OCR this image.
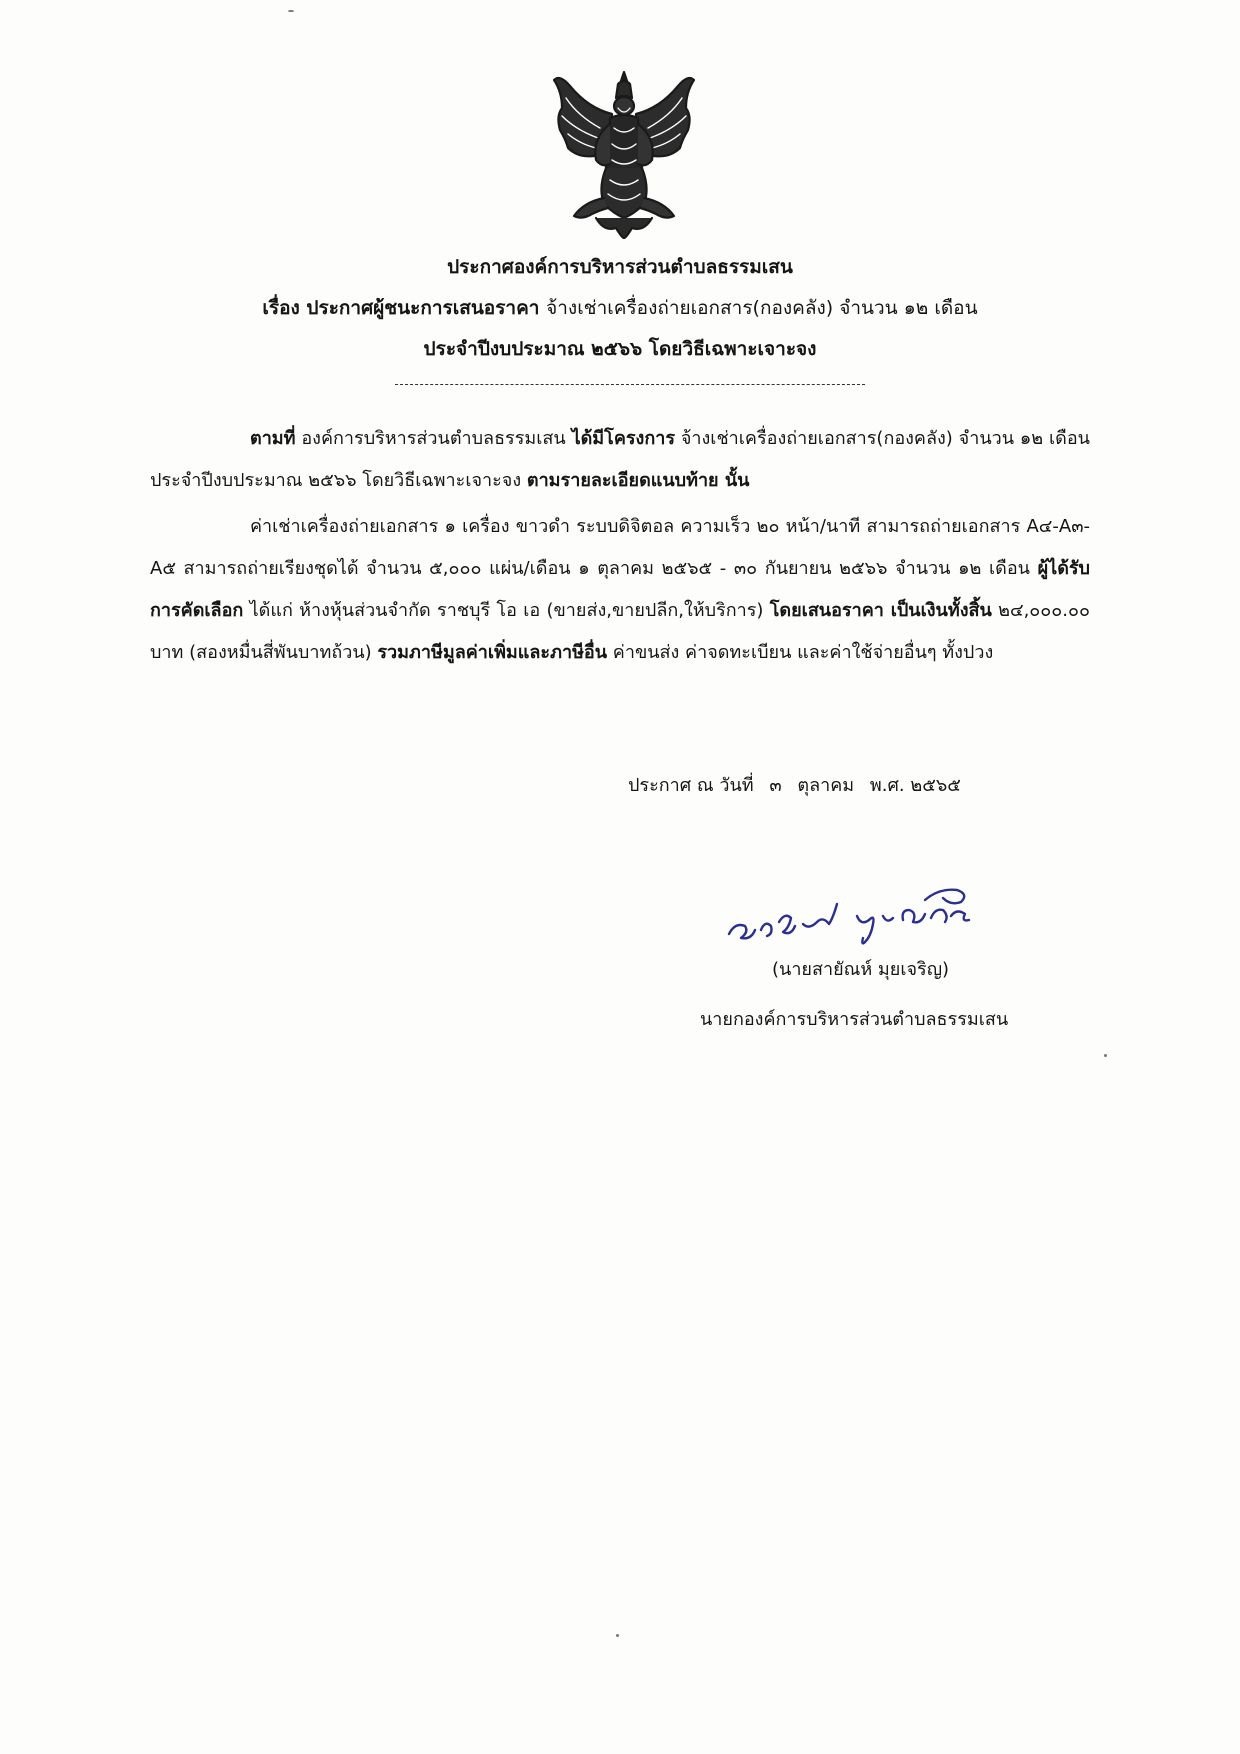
ประกาศองค์การบริหารส่วนตำบลธรรมเสน
เรื่อง ประกาศผู้ชนะการเสนอราคา จ้างเช่าเครื่องถ่ายเอกสาร(กองคลัง) จำนวน ๑๒ เดือน
ประจำปีงบประมาณ ๒๕๖๖ โดยวิธีเฉพาะเจาะจง

ตามที่ องค์การบริหารส่วนตำบลธรรมเสน ได้มีโครงการ จ้างเช่าเครื่องถ่ายเอกสาร(กองคลัง) จำนวน ๑๒ เดือน ประจำปีงบประมาณ ๒๕๖๖ โดยวิธีเฉพาะเจาะจง ตามรายละเอียดแนบท้าย นั้น

ค่าเช่าเครื่องถ่ายเอกสาร ๑ เครื่อง ขาวดำ ระบบดิจิตอล ความเร็ว ๒๐ หน้า/นาที สามารถถ่ายเอกสาร A๔-A๓-A๕ สามารถถ่ายเรียงชุดได้ จำนวน ๕,๐๐๐ แผ่น/เดือน ๑ ตุลาคม ๒๕๖๕ - ๓๐ กันยายน ๒๕๖๖ จำนวน ๑๒ เดือน ผู้ได้รับการคัดเลือก ได้แก่ ห้างหุ้นส่วนจำกัด ราชบุรี โอ เอ (ขายส่ง,ขายปลีก,ให้บริการ) โดยเสนอราคา เป็นเงินทั้งสิ้น ๒๔,๐๐๐.๐๐ บาท (สองหมื่นสี่พันบาทถ้วน) รวมภาษีมูลค่าเพิ่มและภาษีอื่น ค่าขนส่ง ค่าจดทะเบียน และค่าใช้จ่ายอื่นๆ ทั้งปวง

ประกาศ ณ วันที่ ๓ ตุลาคม พ.ศ. ๒๕๖๕
(นายสายัณห์ มุยเจริญ)
นายกองค์การบริหารส่วนตำบลธรรมเสน
